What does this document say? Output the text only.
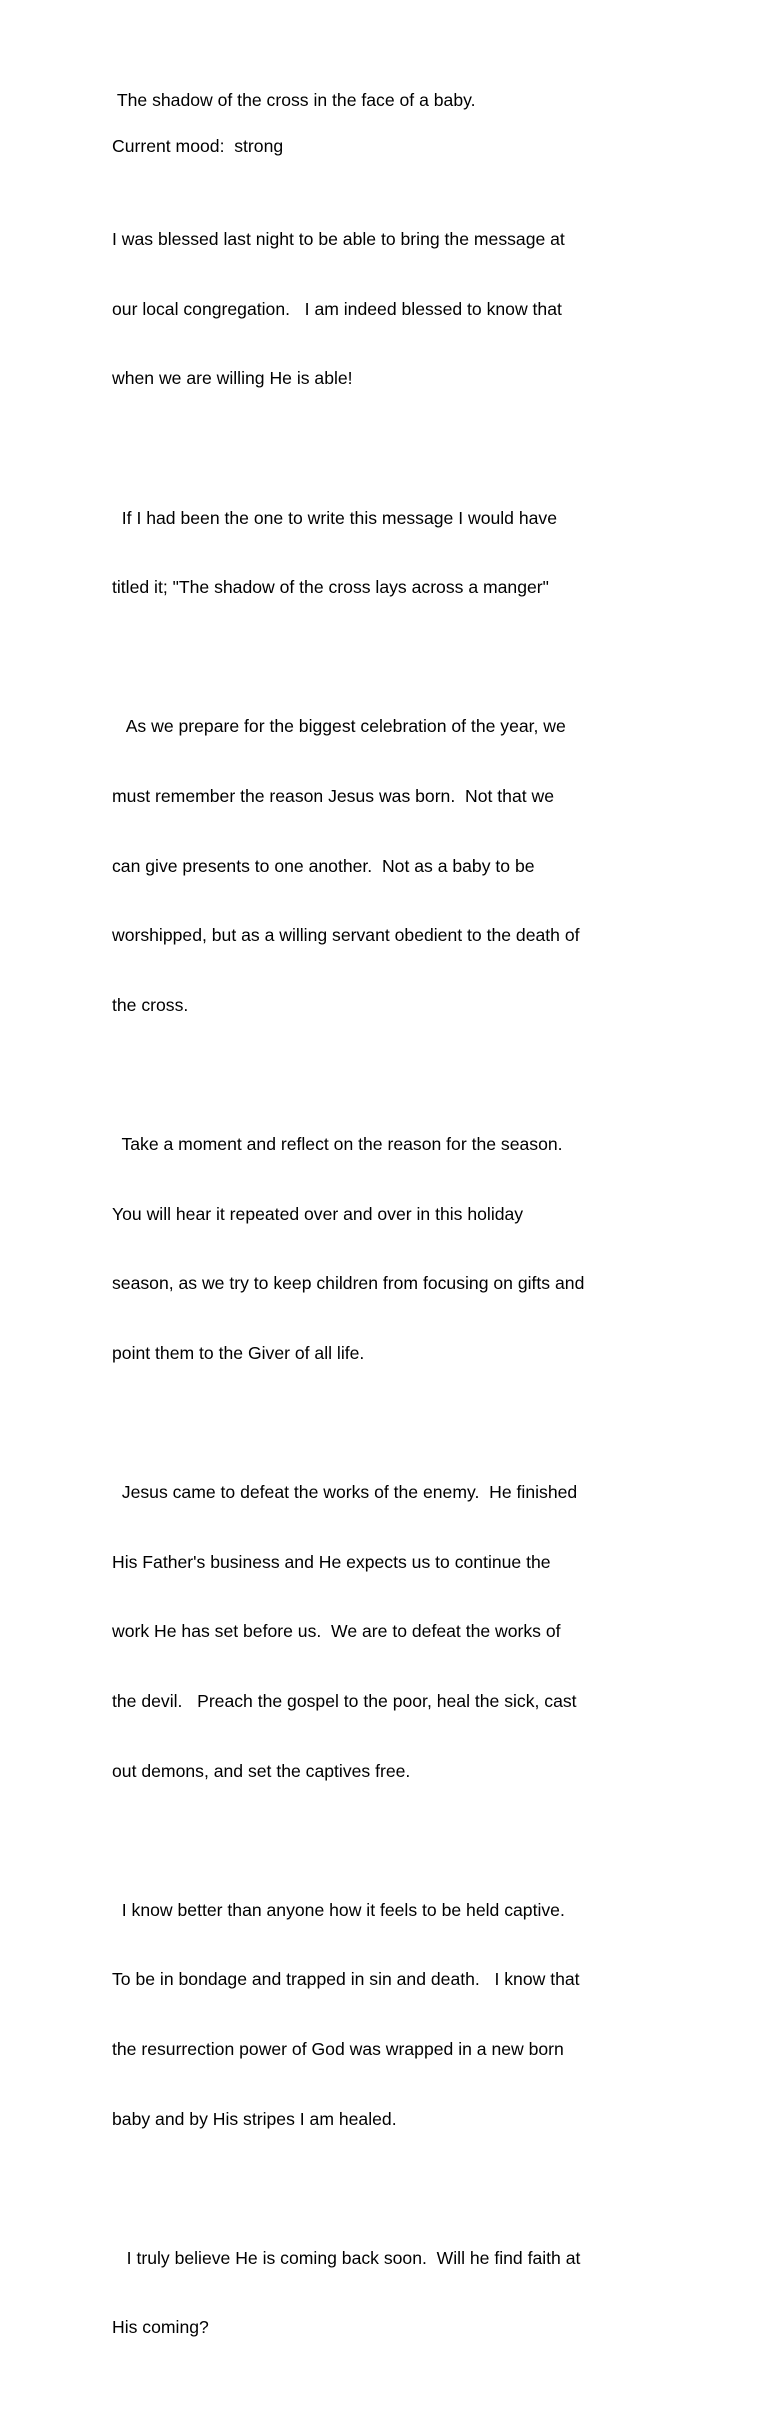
The shadow of the cross in the face of a baby.

Current mood: strong

I was blessed last night to be able to bring the message at

our local congregation.   I am indeed blessed to know that

when we are willing He is able!

If I had been the one to write this message I would have

titled it; "The shadow of the cross lays across a manger"

As we prepare for the biggest celebration of the year, we

must remember the reason Jesus was born.  Not that we

can give presents to one another.  Not as a baby to be

worshipped, but as a willing servant obedient to the death of

the cross.

Take a moment and reflect on the reason for the season.

You will hear it repeated over and over in this holiday

season, as we try to keep children from focusing on gifts and

point them to the Giver of all life.

Jesus came to defeat the works of the enemy.  He finished

His Father's business and He expects us to continue the

work He has set before us.  We are to defeat the works of

the devil.   Preach the gospel to the poor, heal the sick, cast

out demons, and set the captives free.

I know better than anyone how it feels to be held captive.

To be in bondage and trapped in sin and death.   I know that

the resurrection power of God was wrapped in a new born

baby and by His stripes I am healed.

I truly believe He is coming back soon.  Will he find faith at

His coming?
